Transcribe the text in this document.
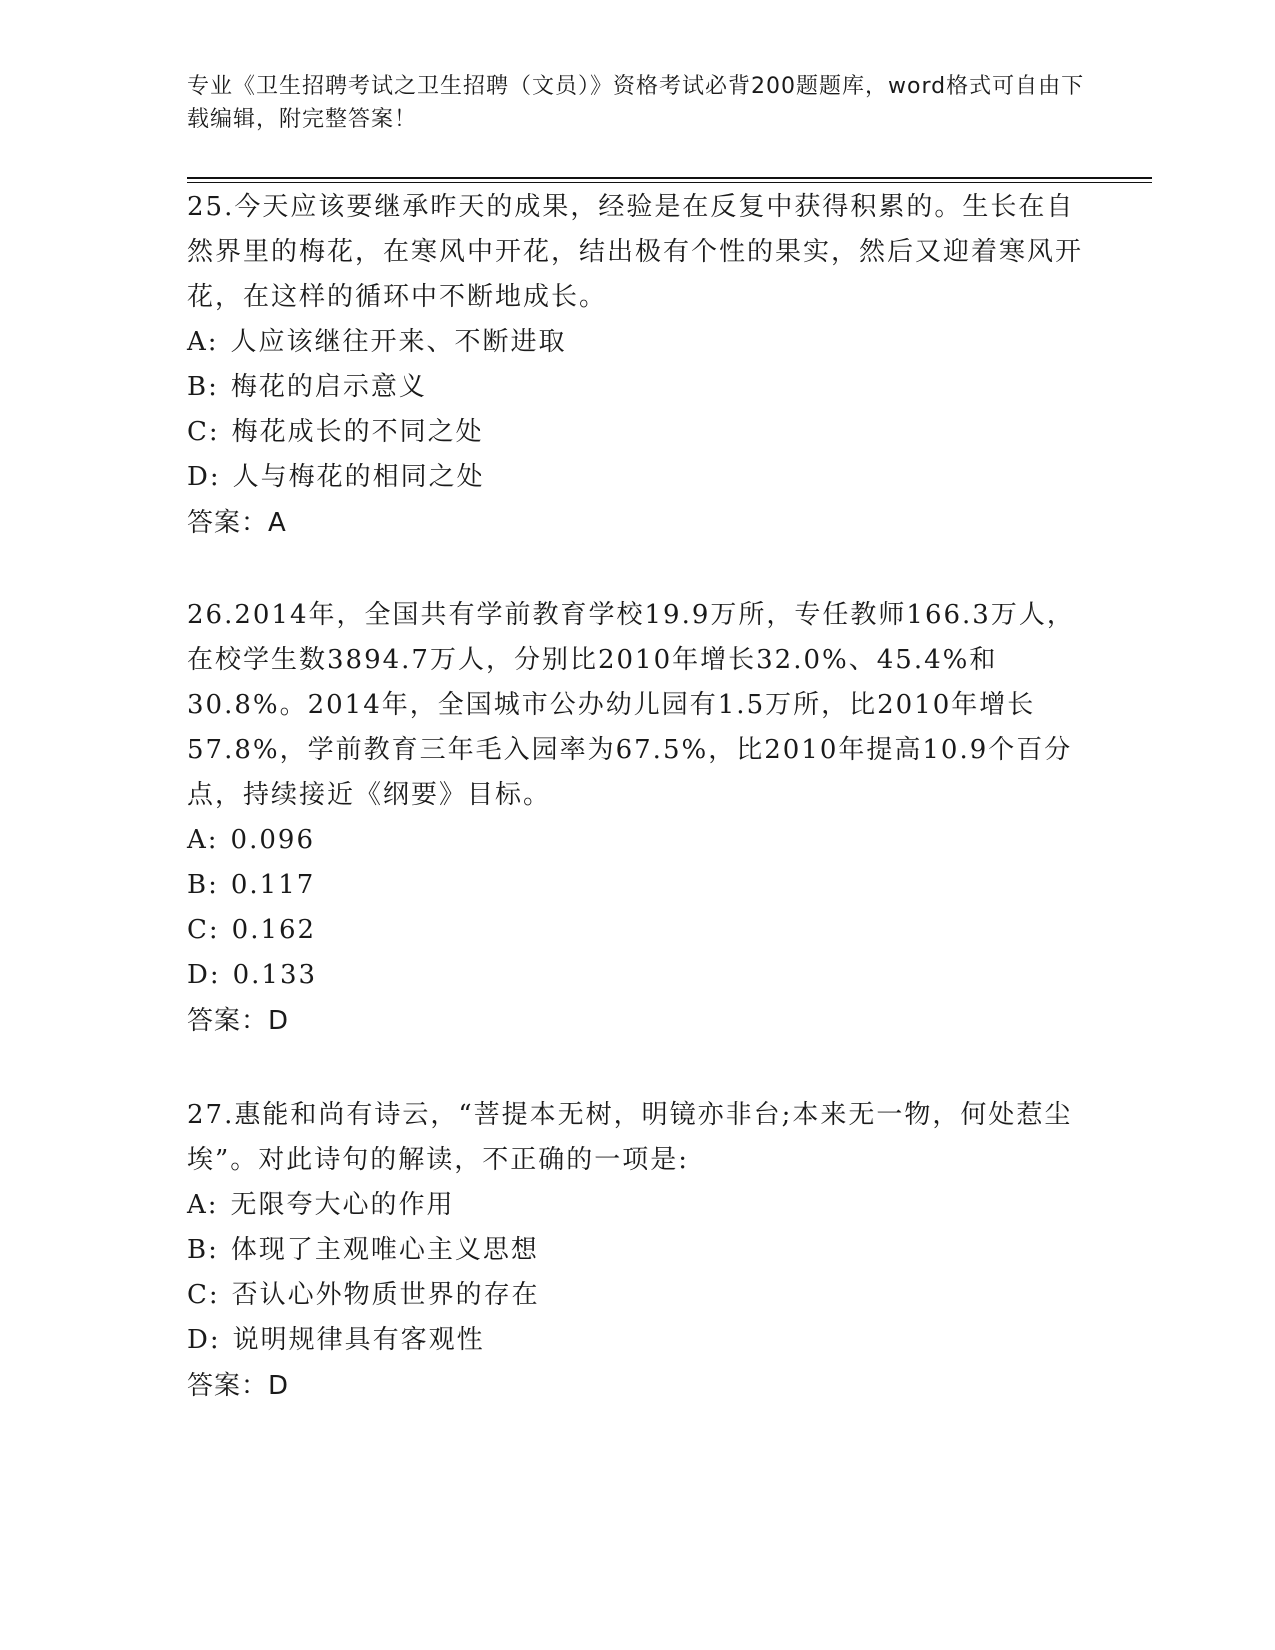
专业《卫生招聘考试之卫生招聘（文员）》资格考试必背200题题库，word格式可自由下载编辑，附完整答案！

25.今天应该要继承昨天的成果，经验是在反复中获得积累的。生长在自然界里的梅花，在寒风中开花，结出极有个性的果实，然后又迎着寒风开花，在这样的循环中不断地成长。

A: 人应该继往开来、不断进取

B: 梅花的启示意义

C: 梅花成长的不同之处

D: 人与梅花的相同之处

答案：A

26.2014年，全国共有学前教育学校19.9万所，专任教师166.3万人，在校学生数3894.7万人，分别比2010年增长32.0%、45.4%和30.8%。2014年，全国城市公办幼儿园有1.5万所，比2010年增长57.8%，学前教育三年毛入园率为67.5%，比2010年提高10.9个百分点，持续接近《纲要》目标。

A: 0.096

B: 0.117

C: 0.162

D: 0.133

答案：D

27.惠能和尚有诗云，“菩提本无树，明镜亦非台;本来无一物，何处惹尘埃”。对此诗句的解读，不正确的一项是:

A: 无限夸大心的作用

B: 体现了主观唯心主义思想

C: 否认心外物质世界的存在

D: 说明规律具有客观性

答案：D
